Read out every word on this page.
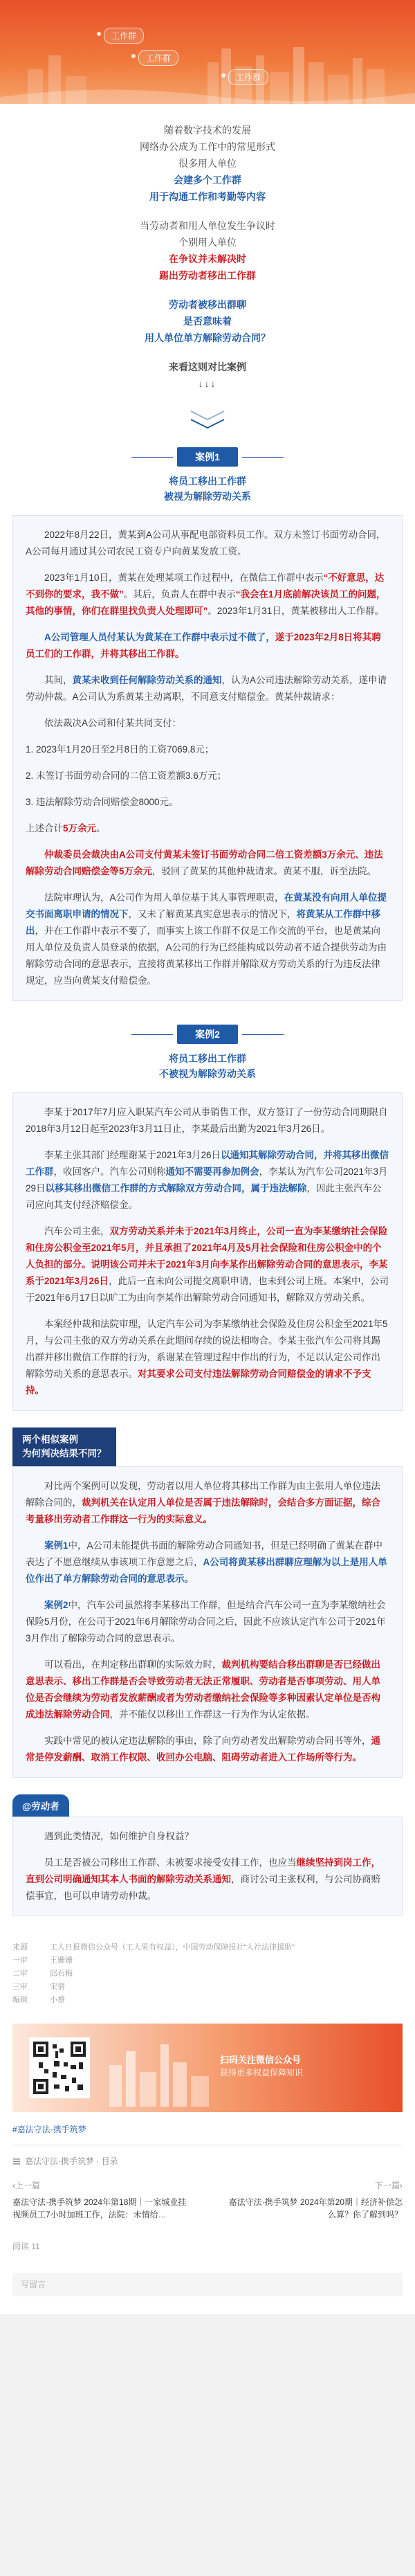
工作群
工作群
工作群

随着数字技术的发展

网络办公成为工作中的常见形式

很多用人单位

会建多个工作群

用于沟通工作和考勤等内容

当劳动者和用人单位发生争议时

个别用人单位

在争议并未解决时

踢出劳动者移出工作群

劳动者被移出群聊

是否意味着

用人单位单方解除劳动合同？

来看这则对比案例

↓↓↓

案例1
将员工移出工作群
被视为解除劳动关系

2022年8月22日，黄某到A公司从事配电部资料员工作。双方未签订书面劳动合同，A公司每月通过其公司农民工资专户向黄某发放工资。

2023年1月10日，黄某在处理某项工作过程中，在微信工作群中表示“不好意思，达不到你的要求，我不做”。其后，负责人在群中表示“我会在1月底前解决该员工的问题，其他的事情，你们在群里找负责人处理即可”。2023年1月31日，黄某被移出人工作群。

A公司管理人员付某认为黄某在工作群中表示过不做了，遂于2023年2月8日将其聘员工们的工作群，并将其移出工作群。

其间，黄某未收到任何解除劳动关系的通知，认为A公司违法解除劳动关系，遂申请劳动仲裁。A公司认为系黄某主动离职，不同意支付赔偿金。黄某仲裁请求：

依法裁决A公司和付某共同支付：

1. 2023年1月20日至2月8日的工资7069.8元；

2. 未签订书面劳动合同的二倍工资差额3.6万元；

3. 违法解除劳动合同赔偿金8000元。

上述合计5万余元。

仲裁委员会裁决由A公司支付黄某未签订书面劳动合同二倍工资差额3万余元、违法解除劳动合同赔偿金等5万余元，驳回了黄某的其他仲裁请求。黄某不服，诉至法院。

法院审理认为，A公司作为用人单位基于其人事管理职责，在黄某没有向用人单位提交书面离职申请的情况下，又未了解黄某真实意思表示的情况下，将黄某从工作群中移出，并在工作群中表示不要了，而事实上该工作群不仅是工作交流的平台，也是黄某向用人单位及负责人员登录的依据，A公司的行为已经能构成以劳动者不适合提供劳动为由解除劳动合同的意思表示，直接将黄某移出工作群并解除双方劳动关系的行为违反法律规定，应当向黄某支付赔偿金。

案例2
将员工移出工作群
不被视为解除劳动关系

李某于2017年7月应入职某汽车公司从事销售工作，双方签订了一份劳动合同期限自2018年3月12日起至2023年3月11日止，李某最后出勤为2021年3月26日。

李某主张其部门经理谢某于2021年3月26日以通知其解除劳动合同，并将其移出微信工作群，收回客户。汽车公司则称通知不需要再参加例会，李某认为汽车公司2021年3月29日以移其移出微信工作群的方式解除双方劳动合同，属于违法解除，因此主张汽车公司应向其支付经济赔偿金。

汽车公司主张，双方劳动关系并未于2021年3月终止，公司一直为李某缴纳社会保险和住房公积金至2021年5月，并且承担了2021年4月及5月社会保险和住房公积金中的个人负担的部分。说明该公司并未于2021年3月向李某作出解除劳动合同的意思表示，李某系于2021年3月26日，此后一直未向公司提交离职申请，也未到公司上班。本案中，公司于2021年6月17日以旷工为由向李某作出解除劳动合同通知书，解除双方劳动关系。

本案经仲裁和法院审理，认定汽车公司为李某缴纳社会保险及住房公积金至2021年5月，与公司主张的双方劳动关系在此期间存续的说法相吻合。李某主张汽车公司将其踢出群并移出微信工作群的行为，系谢某在管理过程中作出的行为，不足以认定公司作出解除劳动关系的意思表示。对其要求公司支付违法解除劳动合同赔偿金的请求不予支持。

两个相似案例
为何判决结果不同？

对比两个案例可以发现，劳动者以用人单位将其移出工作群为由主张用人单位违法解除合同的，裁判机关在认定用人单位是否属于违法解除时，会结合多方面证据，综合考量移出劳动者工作群这一行为的实际意义。

案例1中，A公司未能提供书面的解除劳动合同通知书，但是已经明确了黄某在群中表达了不愿意继续从事该项工作意愿之后，A公司将黄某移出群聊应理解为以上是用人单位作出了单方解除劳动合同的意思表示。

案例2中，汽车公司虽然将李某移出工作群，但是结合汽车公司一直为李某缴纳社会保险5月份，在公司于2021年6月解除劳动合同之后，因此不应该认定汽车公司于2021年3月作出了解除劳动合同的意思表示。

可以看出，在判定移出群聊的实际效力时，裁判机构要结合移出群聊是否已经做出意思表示、移出工作群是否会导致劳动者无法正常履职、劳动者是否事项劳动、用人单位是否会继续为劳动者发放薪酬或者为劳动者缴纳社会保险等多种因素认定单位是否构成违法解除劳动合同，并不能仅以移出工作群这一行为作为认定依据。

实践中常见的被认定违法解除的事由，除了向劳动者发出解除劳动合同书等外，通常是停发薪酬、取消工作权限、收回办公电脑、阻碍劳动者进入工作场所等行为。

@劳动者

遇到此类情况，如何维护自身权益？

员工是否被公司移出工作群、未被要求接受安排工作，也应当继续坚持到岗工作，直到公司明确通知其本人书面的解除劳动关系通知，商讨公司主张权利，与公司协商赔偿事宜，也可以申请劳动仲裁。

来源	工人日报微信公众号（工人果有权益），中国劳动保障报社“人社法律援助”
一审	王姗姗
二审	邱石梅
三审	宋倩
编辑	小蔡
扫码关注微信公众号
获得更多权益保障知识
#嘉法守法·携手筑梦
嘉法守法·携手筑梦 · 目录
‹上一篇
嘉法守法·携手筑梦 2024年第18期｜一家城业挂视频员工7小时加班工作，法院：未情给…
下一篇›
嘉法守法·携手筑梦 2024年第20期｜经济补偿怎么算？你了解到吗？
阅读 11
写留言
